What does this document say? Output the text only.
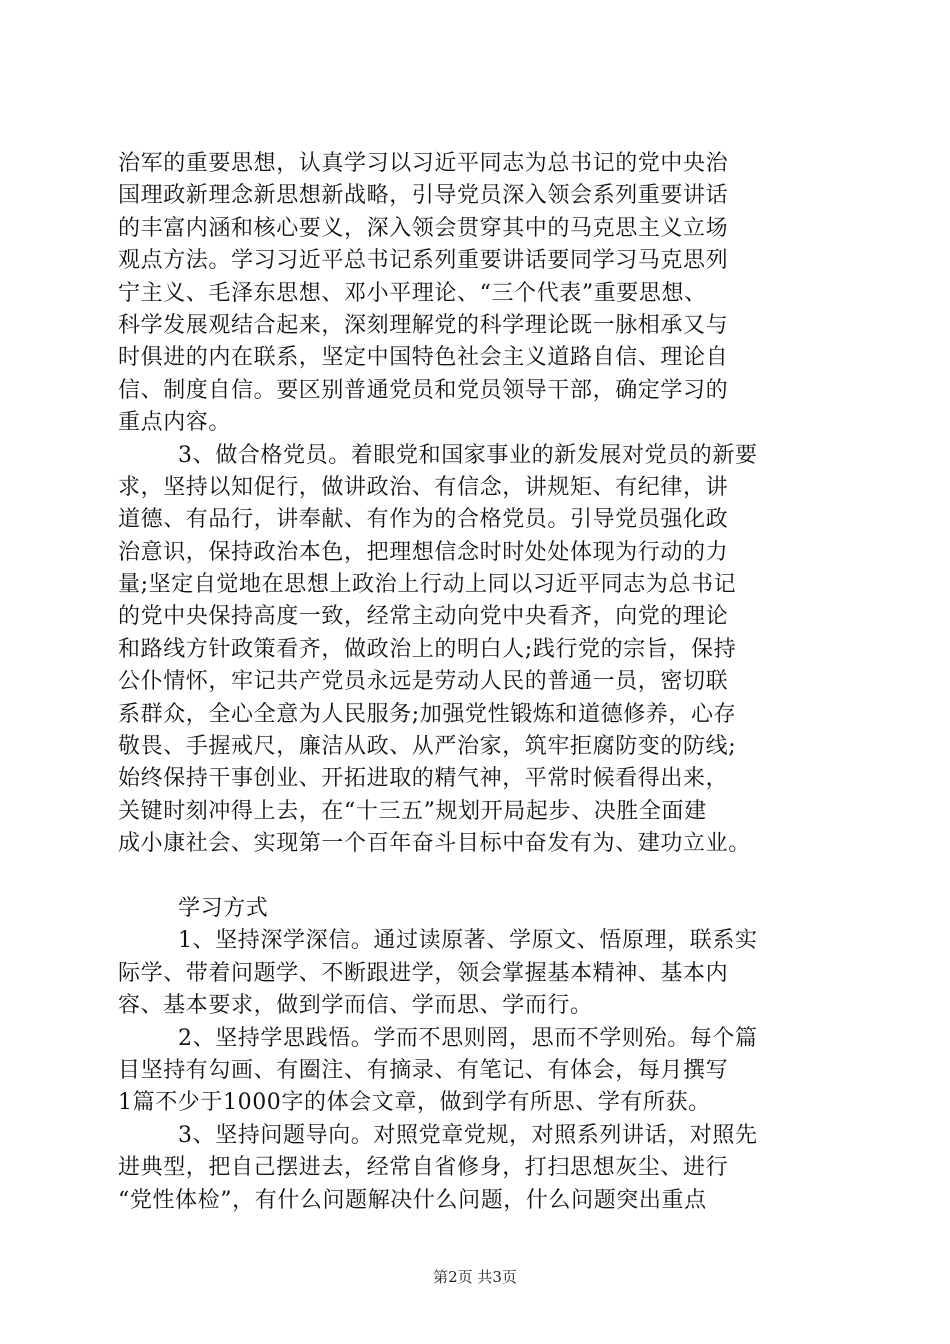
治军的重要思想，认真学习以习近平同志为总书记的党中央治
国理政新理念新思想新战略，引导党员深入领会系列重要讲话
的丰富内涵和核心要义，深入领会贯穿其中的马克思主义立场
观点方法。学习习近平总书记系列重要讲话要同学习马克思列
宁主义、毛泽东思想、邓小平理论、“三个代表”重要思想、
科学发展观结合起来，深刻理解党的科学理论既一脉相承又与
时俱进的内在联系，坚定中国特色社会主义道路自信、理论自
信、制度自信。要区别普通党员和党员领导干部，确定学习的
重点内容。
3、做合格党员。着眼党和国家事业的新发展对党员的新要
求，坚持以知促行，做讲政治、有信念，讲规矩、有纪律，讲
道德、有品行，讲奉献、有作为的合格党员。引导党员强化政
治意识，保持政治本色，把理想信念时时处处体现为行动的力
量;坚定自觉地在思想上政治上行动上同以习近平同志为总书记
的党中央保持高度一致，经常主动向党中央看齐，向党的理论
和路线方针政策看齐，做政治上的明白人;践行党的宗旨，保持
公仆情怀，牢记共产党员永远是劳动人民的普通一员，密切联
系群众，全心全意为人民服务;加强党性锻炼和道德修养，心存
敬畏、手握戒尺，廉洁从政、从严治家，筑牢拒腐防变的防线;
始终保持干事创业、开拓进取的精气神，平常时候看得出来，
关键时刻冲得上去，在“十三五”规划开局起步、决胜全面建
成小康社会、实现第一个百年奋斗目标中奋发有为、建功立业。
学习方式
1、坚持深学深信。通过读原著、学原文、悟原理，联系实
际学、带着问题学、不断跟进学，领会掌握基本精神、基本内
容、基本要求，做到学而信、学而思、学而行。
2、坚持学思践悟。学而不思则罔，思而不学则殆。每个篇
目坚持有勾画、有圈注、有摘录、有笔记、有体会，每月撰写
1篇不少于1000字的体会文章，做到学有所思、学有所获。
3、坚持问题导向。对照党章党规，对照系列讲话，对照先
进典型，把自己摆进去，经常自省修身，打扫思想灰尘、进行
“党性体检”，有什么问题解决什么问题，什么问题突出重点
第2页 共3页
